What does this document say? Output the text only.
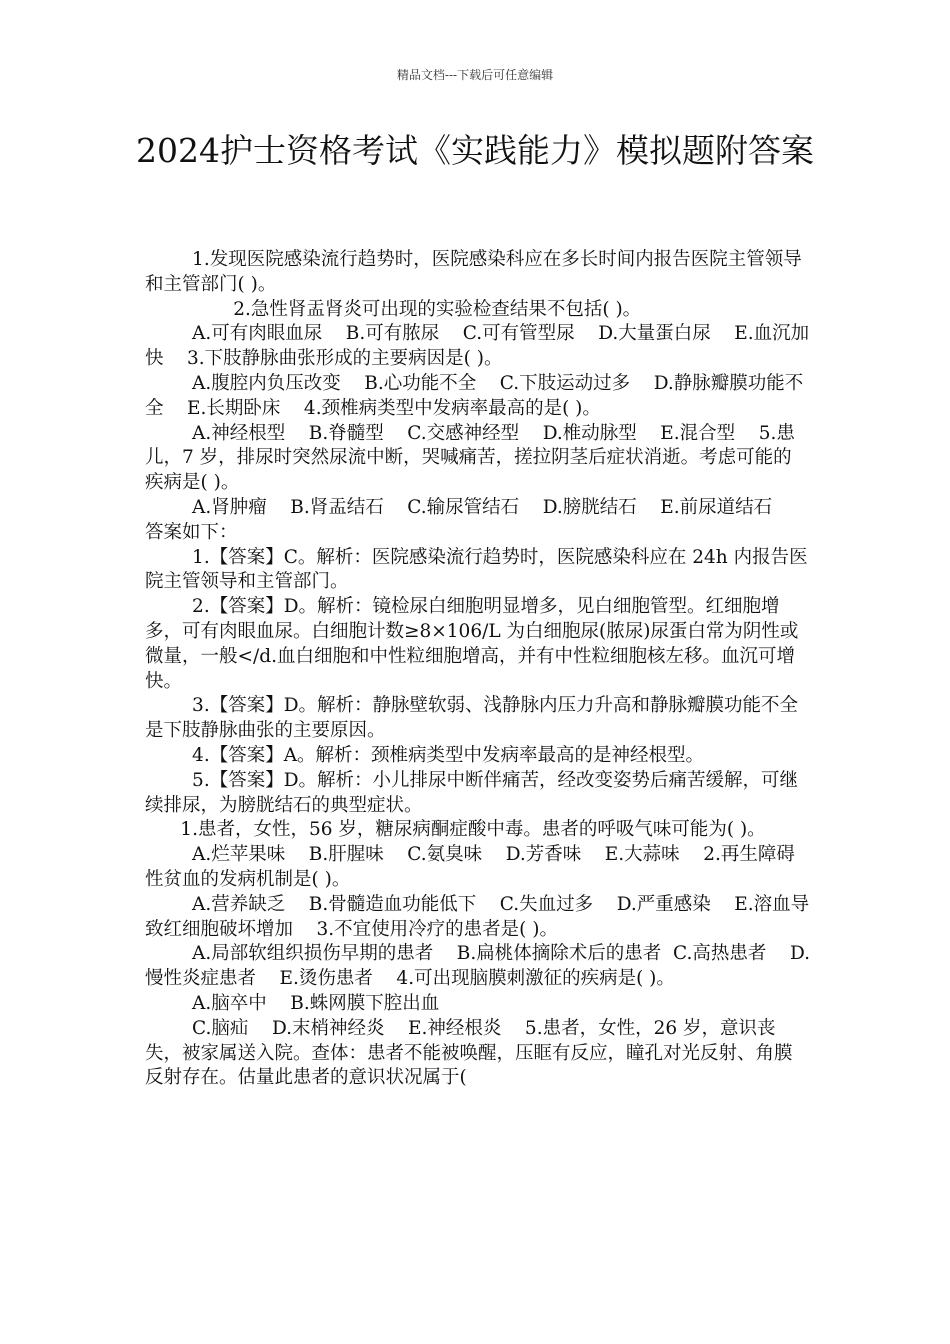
精品文档---下载后可任意编辑
2024护士资格考试《实践能力》模拟题附答案

1.发现医院感染流行趋势时，医院感染科应在多长时间内报告医院主管领导和主管部门( )。

2.急性肾盂肾炎可出现的实验检查结果不包括( )。

A.可有肉眼血尿    B.可有脓尿    C.可有管型尿    D.大量蛋白尿    E.血沉加快    3.下肢静脉曲张形成的主要病因是( )。

A.腹腔内负压改变    B.心功能不全    C.下肢运动过多    D.静脉瓣膜功能不全    E.长期卧床    4.颈椎病类型中发病率最高的是( )。

A.神经根型    B.脊髓型    C.交感神经型    D.椎动脉型    E.混合型    5.患儿，7 岁，排尿时突然尿流中断，哭喊痛苦，搓拉阴茎后症状消逝。考虑可能的疾病是( )。

A.肾肿瘤    B.肾盂结石    C.输尿管结石    D.膀胱结石    E.前尿道结石    答案如下：

1.【答案】C。解析：医院感染流行趋势时，医院感染科应在 24h 内报告医院主管领导和主管部门。

2.【答案】D。解析：镜检尿白细胞明显增多，见白细胞管型。红细胞增多，可有肉眼血尿。白细胞计数≥8×106/L 为白细胞尿(脓尿)尿蛋白常为阴性或微量，一般</d.血白细胞和中性粒细胞增高，并有中性粒细胞核左移。血沉可增快。

3.【答案】D。解析：静脉壁软弱、浅静脉内压力升高和静脉瓣膜功能不全是下肢静脉曲张的主要原因。

4.【答案】A。解析：颈椎病类型中发病率最高的是神经根型。

5.【答案】D。解析：小儿排尿中断伴痛苦，经改变姿势后痛苦缓解，可继续排尿，为膀胱结石的典型症状。

1.患者，女性，56 岁，糖尿病酮症酸中毒。患者的呼吸气味可能为( )。

A.烂苹果味    B.肝腥味    C.氨臭味    D.芳香味    E.大蒜味    2.再生障碍性贫血的发病机制是( )。

A.营养缺乏    B.骨髓造血功能低下    C.失血过多    D.严重感染    E.溶血导致红细胞破坏增加    3.不宜使用冷疗的患者是( )。

A.局部软组织损伤早期的患者    B.扁桃体摘除术后的患者  C.高热患者    D.慢性炎症患者    E.烫伤患者    4.可出现脑膜刺激征的疾病是( )。

A.脑卒中    B.蛛网膜下腔出血

C.脑疝    D.末梢神经炎    E.神经根炎    5.患者，女性，26 岁，意识丧失，被家属送入院。查体：患者不能被唤醒，压眶有反应，瞳孔对光反射、角膜反射存在。估量此患者的意识状况属于(
